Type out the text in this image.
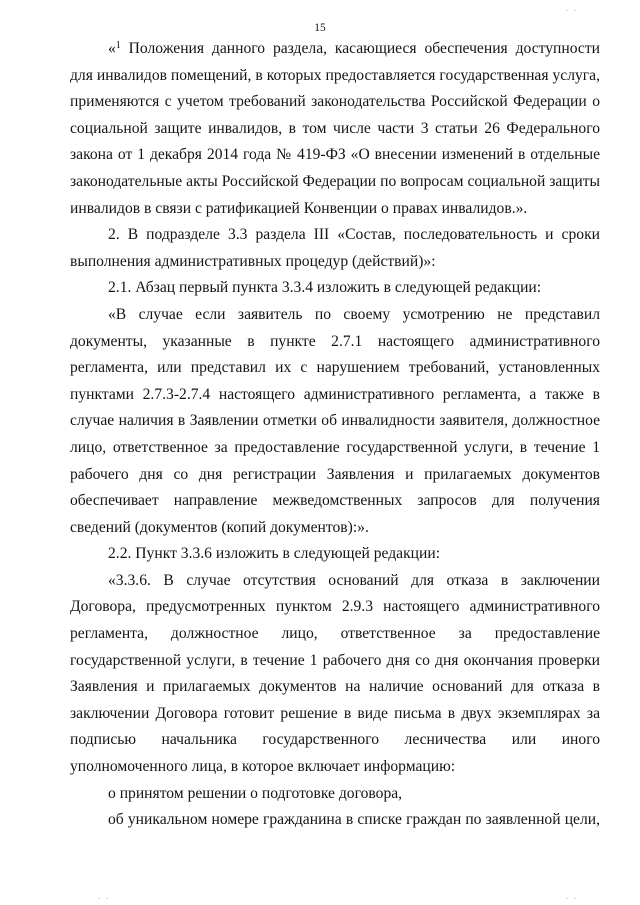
15

«$^1$ Положения данного раздела, касающиеся обеспечения доступности для инвалидов помещений, в которых предоставляется государственная услуга, применяются с учетом требований законодательства Российской Федерации о социальной защите инвалидов, в том числе части 3 статьи 26 Федерального закона от 1 декабря 2014 года № 419-ФЗ «О внесении изменений в отдельные законодательные акты Российской Федерации по вопросам социальной защиты инвалидов в связи с ратификацией Конвенции о правах инвалидов.».

2. В подразделе 3.3 раздела III «Состав, последовательность и сроки выполнения административных процедур (действий)»:

2.1. Абзац первый пункта 3.3.4 изложить в следующей редакции:

«В случае если заявитель по своему усмотрению не представил документы, указанные в пункте 2.7.1 настоящего административного регламента, или представил их с нарушением требований, установленных пунктами 2.7.3-2.7.4 настоящего административного регламента, а также в случае наличия в Заявлении отметки об инвалидности заявителя, должностное лицо, ответственное за предоставление государственной услуги, в течение 1 рабочего дня со дня регистрации Заявления и прилагаемых документов обеспечивает направление межведомственных запросов для получения сведений (документов (копий документов):».

2.2. Пункт 3.3.6 изложить в следующей редакции:

«3.3.6. В случае отсутствия оснований для отказа в заключении Договора, предусмотренных пунктом 2.9.3 настоящего административного регламента, должностное лицо, ответственное за предоставление государственной услуги, в течение 1 рабочего дня со дня окончания проверки Заявления и прилагаемых документов на наличие оснований для отказа в заключении Договора готовит решение в виде письма в двух экземплярах за подписью начальника государственного лесничества или иного уполномоченного лица, в которое включает информацию:

о принятом решении о подготовке договора,

об уникальном номере гражданина в списке граждан по заявленной цели,

. .
. .	. .
